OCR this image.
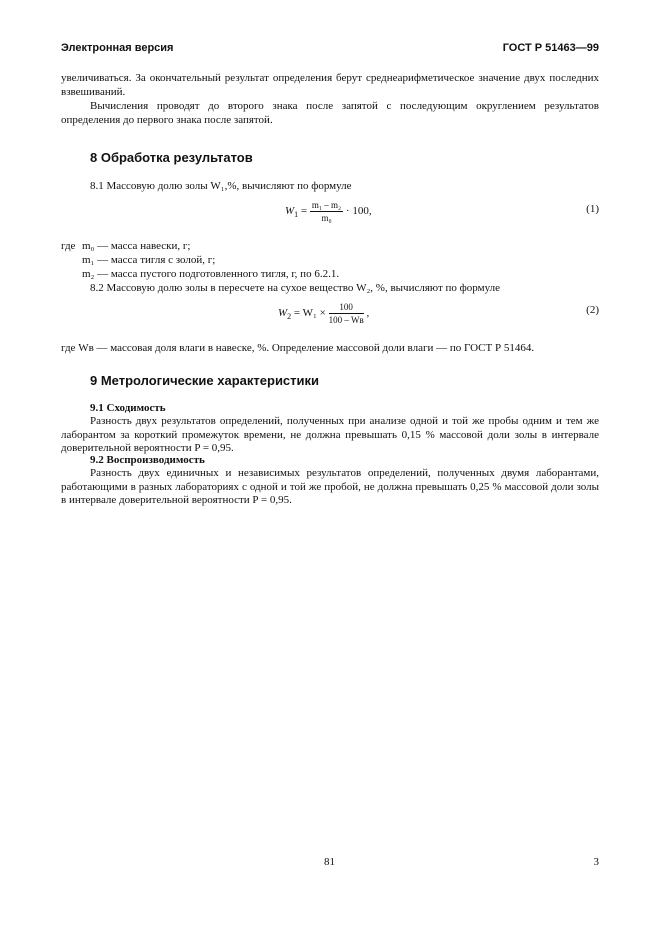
Электронная версия	ГОСТ Р 51463—99
увеличиваться. За окончательный результат определения берут среднеарифметическое значение двух последних взвешиваний.
Вычисления проводят до второго знака после запятой с последующим округлением результатов определения до первого знака после запятой.
8 Обработка результатов
8.1 Массовую долю золы W₁,%, вычисляют по формуле
$W_1 = \frac{\text{m₁ – m₂}}{\text{m₀}} \cdot 100$,	(1)
где m₀ — масса навески, г;
m₁ — масса тигля с золой, г;
m₂ — масса пустого подготовленного тигля, г, по 6.2.1.
8.2 Массовую долю золы в пересчете на сухое вещество W₂, %, вычисляют по формуле
$W_2 = W_1 \times \frac{100}{100 - Wв}$ ,	(2)
где Wв — массовая доля влаги в навеске, %. Определение массовой доли влаги — по ГОСТ Р 51464.
9 Метрологические характеристики
9.1 Сходимость
Разность двух результатов определений, полученных при анализе одной и той же пробы одним и тем же лаборантом за короткий промежуток времени, не должна превышать 0,15 % массовой доли золы в интервале доверительной вероятности P = 0,95.
9.2 Воспроизводимость
Разность двух единичных и независимых результатов определений, полученных двумя лаборантами, работающими в разных лабораториях с одной и той же пробой, не должна превышать 0,25 % массовой доли золы в интервале доверительной вероятности P = 0,95.
81	3
